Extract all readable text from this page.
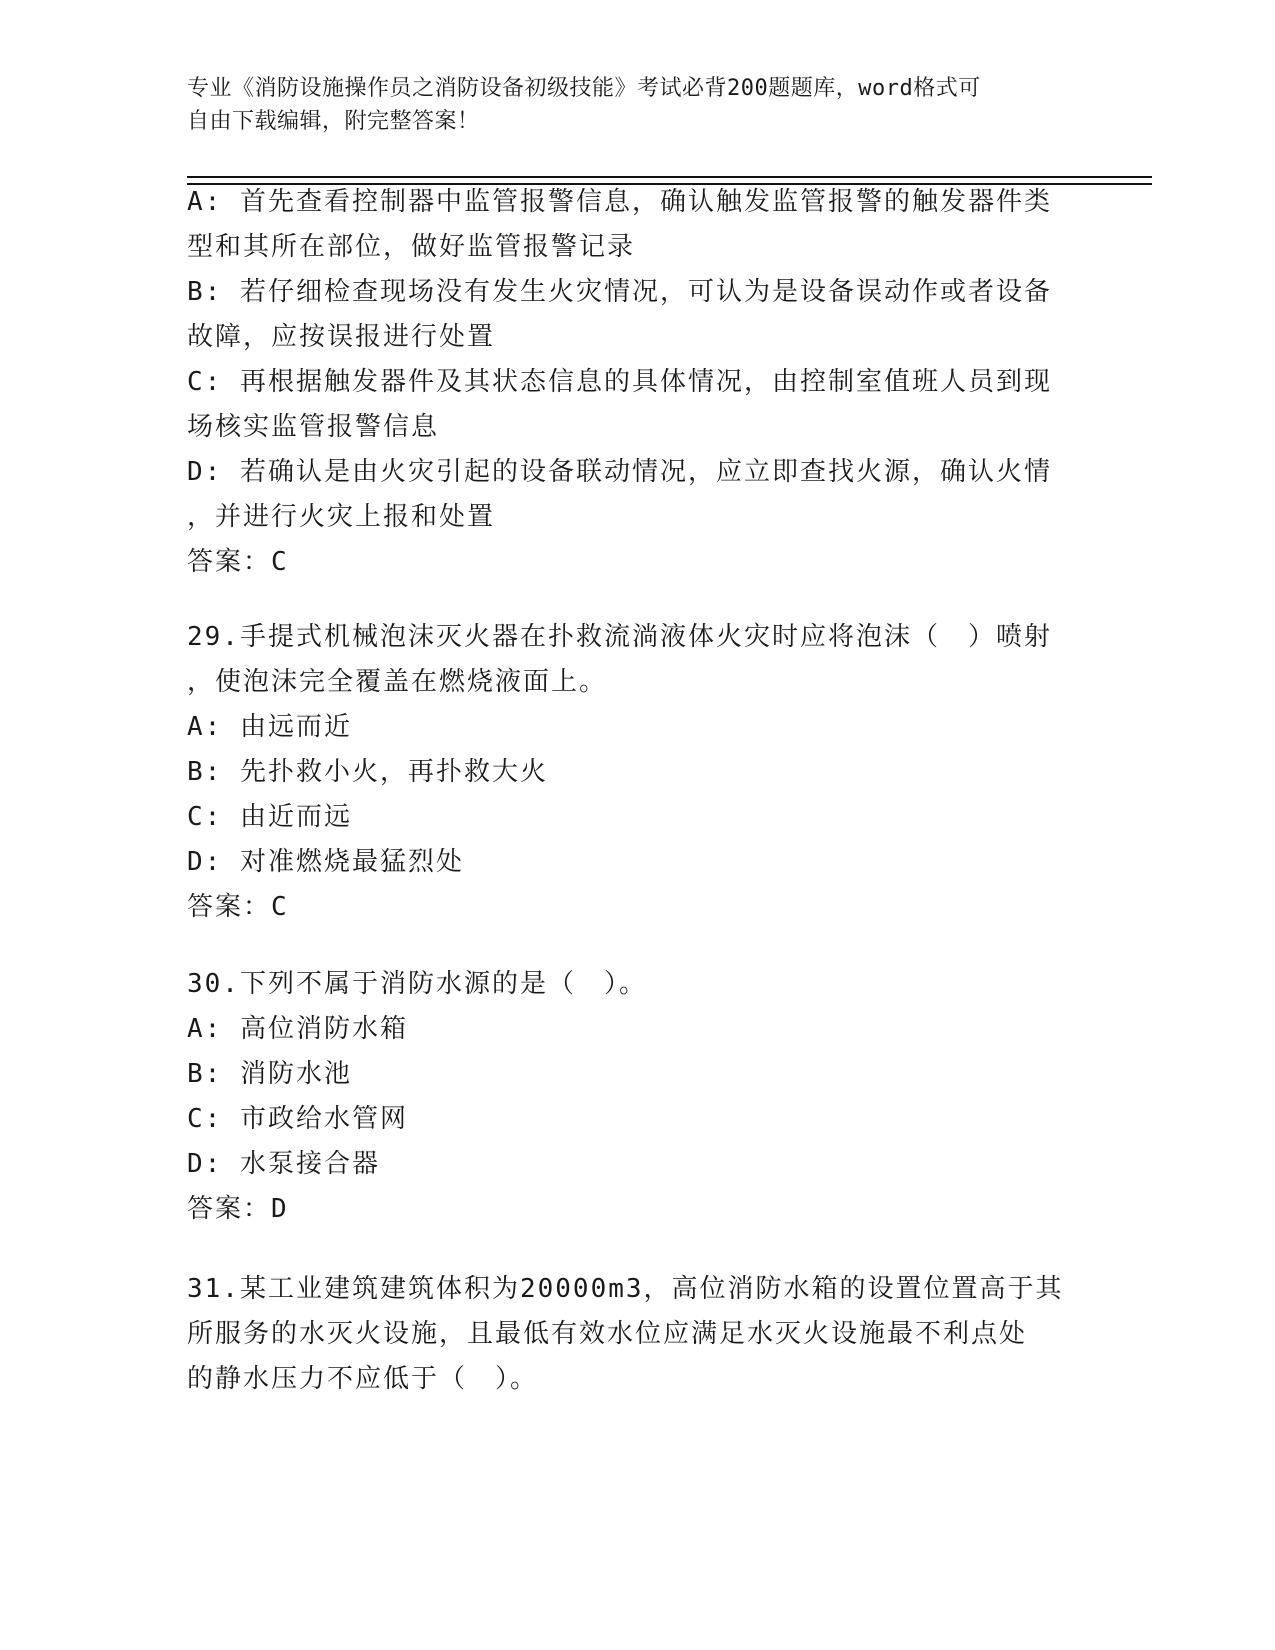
专业《消防设施操作员之消防设备初级技能》考试必背200题题库，word格式可
自由下载编辑，附完整答案！
A: 首先查看控制器中监管报警信息，确认触发监管报警的触发器件类
型和其所在部位，做好监管报警记录
B: 若仔细检查现场没有发生火灾情况，可认为是设备误动作或者设备
故障，应按误报进行处置
C: 再根据触发器件及其状态信息的具体情况，由控制室值班人员到现
场核实监管报警信息
D: 若确认是由火灾引起的设备联动情况，应立即查找火源，确认火情
，并进行火灾上报和处置
答案：C
29.手提式机械泡沫灭火器在扑救流淌液体火灾时应将泡沫（　）喷射
，使泡沫完全覆盖在燃烧液面上。
A: 由远而近
B: 先扑救小火，再扑救大火
C: 由近而远
D: 对准燃烧最猛烈处
答案：C
30.下列不属于消防水源的是（　）。
A: 高位消防水箱
B: 消防水池
C: 市政给水管网
D: 水泵接合器
答案：D
31.某工业建筑建筑体积为20000m3，高位消防水箱的设置位置高于其
所服务的水灭火设施，且最低有效水位应满足水灭火设施最不利点处
的静水压力不应低于（　）。
